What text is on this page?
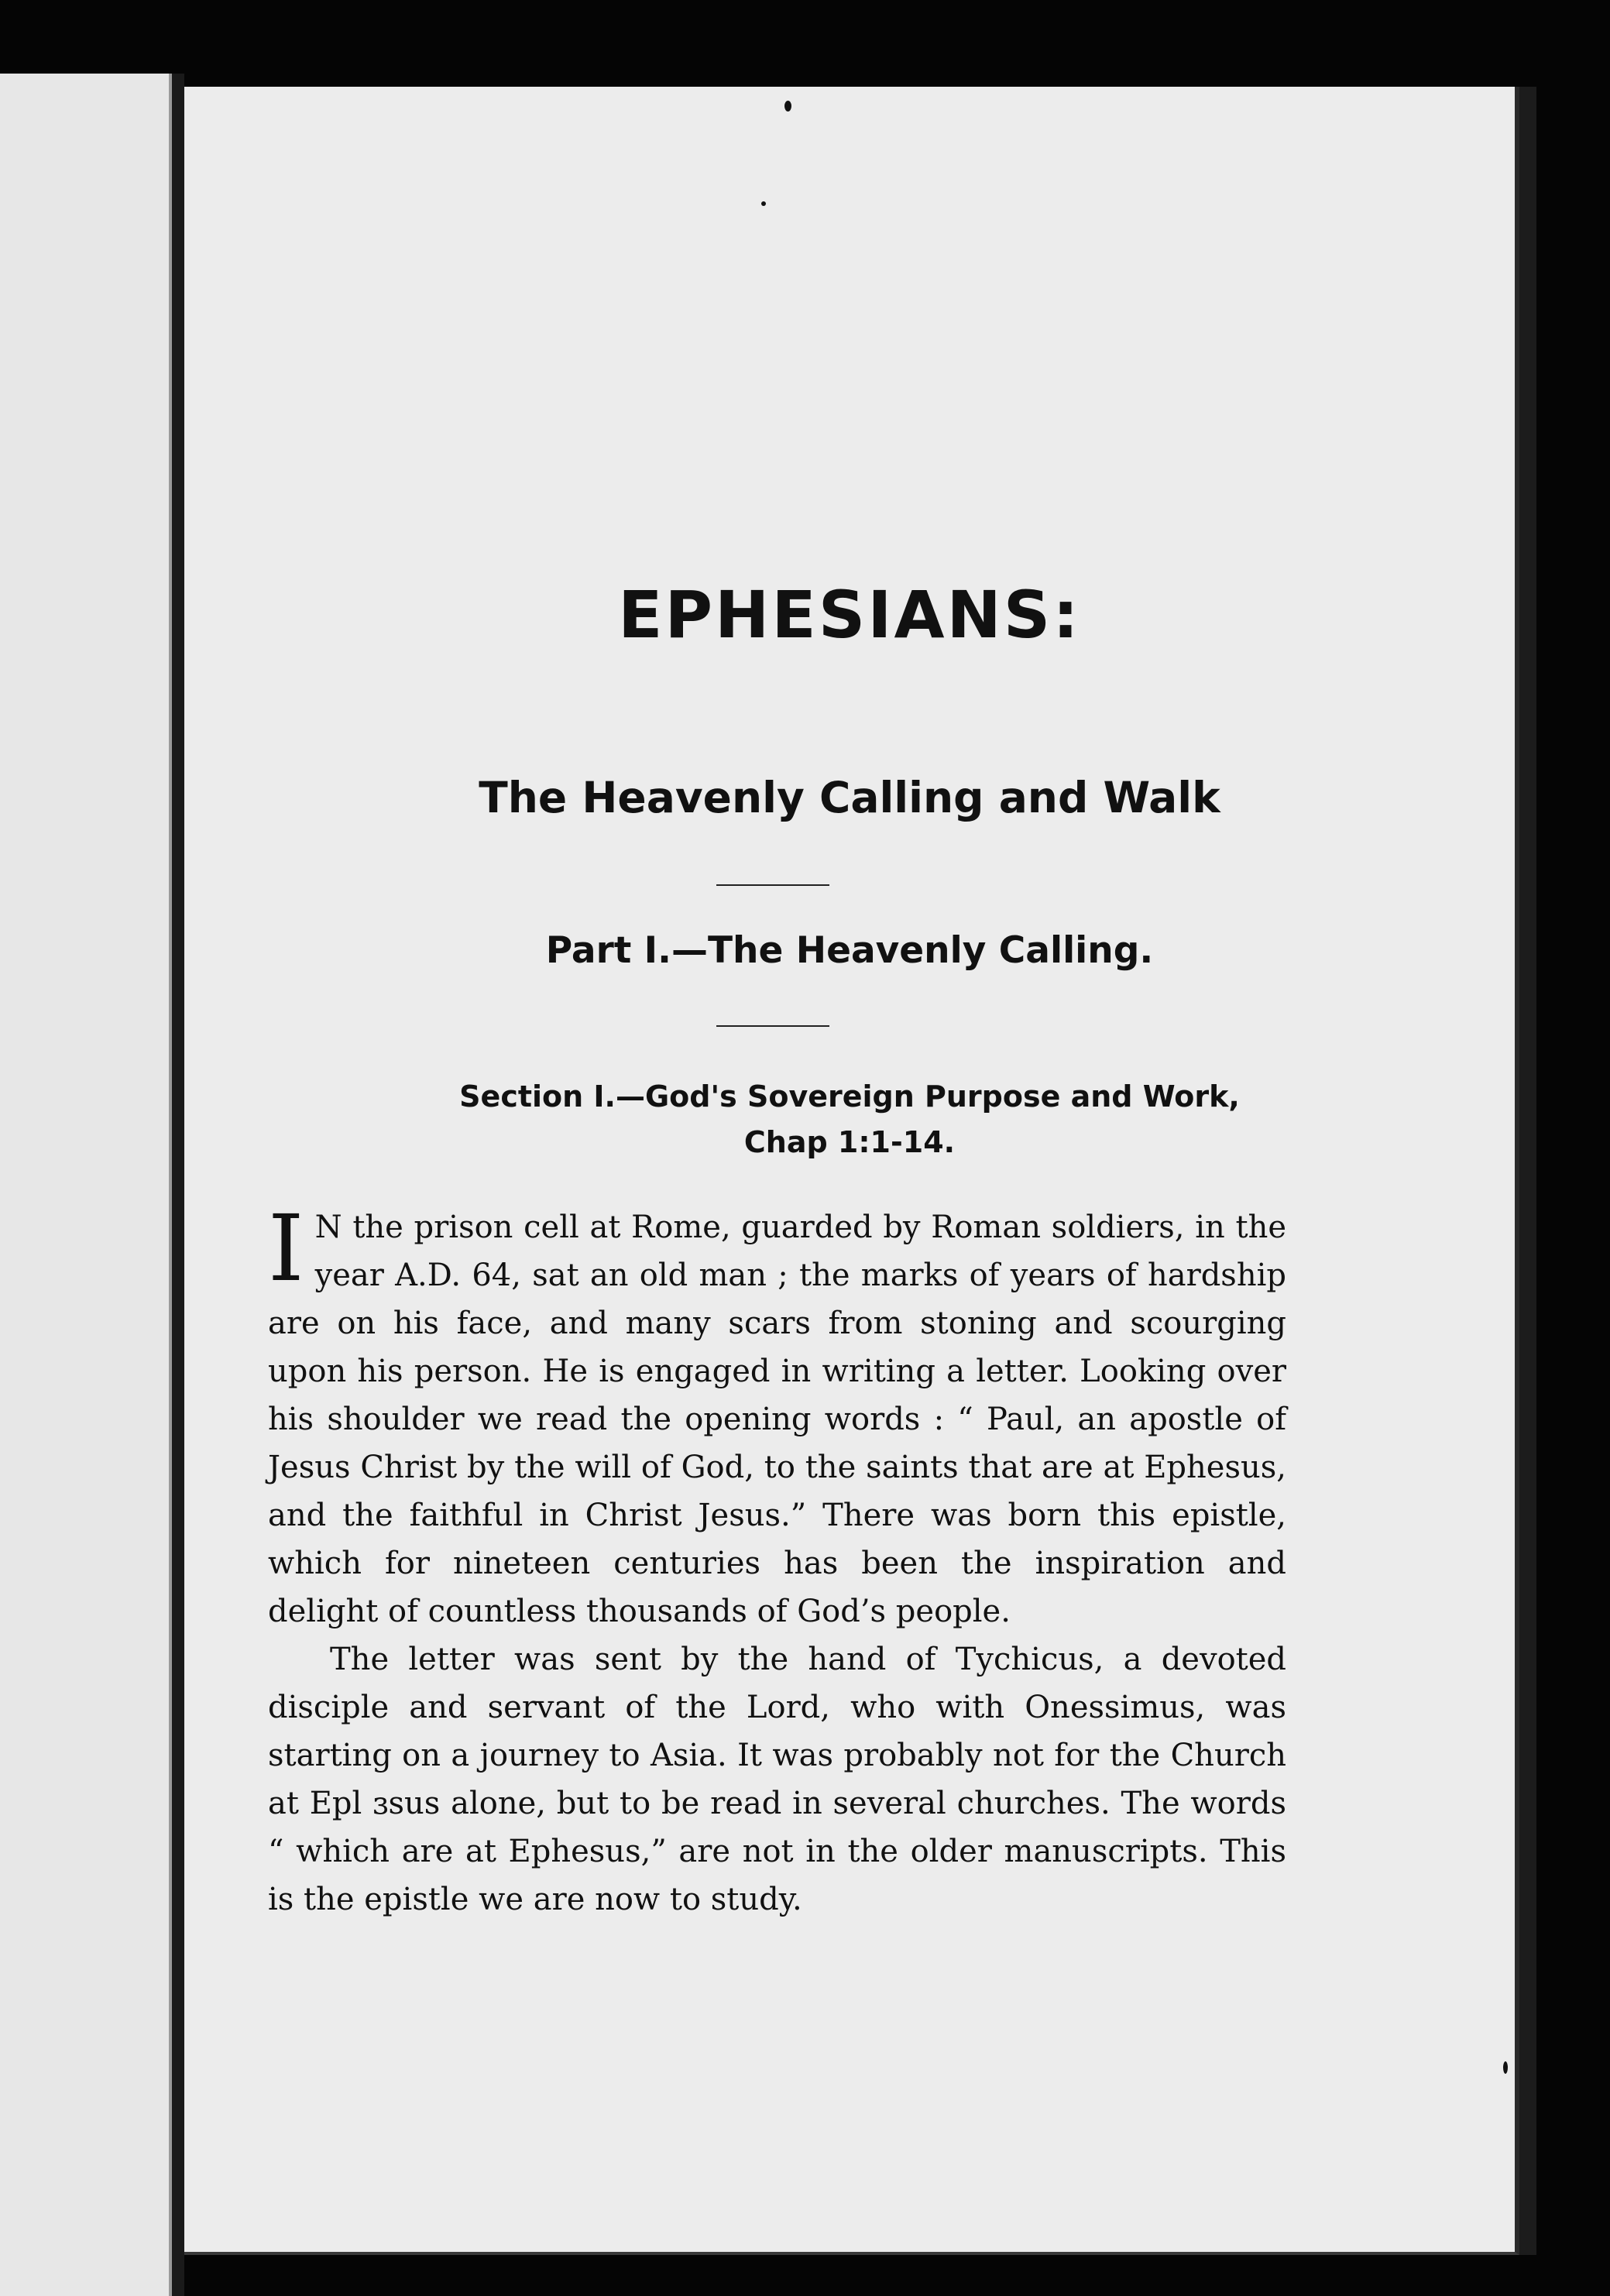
EPHESIANS:
The Heavenly Calling and Walk
Part I.—The Heavenly Calling.
Section I.—God's Sovereign Purpose and Work,
Chap 1:1-14.

I N the prison cell at Rome, guarded by Roman soldiers, in the year A.D. 64, sat an old man ; the marks of years of hardship are on his face, and many scars from stoning and scourging upon his person. He is engaged in writing a letter. Looking over his shoulder we read the opening words : “ Paul, an apostle of Jesus Christ by the will of God, to the saints that are at Ephesus, and the faithful in Christ Jesus.” There was born this epistle, which for nineteen centuries has been the inspiration and delight of countless thousands of God’s people.

The letter was sent by the hand of Tychicus, a devoted disciple and servant of the Lord, who with Onessimus, was starting on a journey to Asia. It was probably not for the Church at Epl ɜsus alone, but to be read in several churches. The words “ which are at Ephesus,” are not in the older manuscripts. This is the epistle we are now to study.
